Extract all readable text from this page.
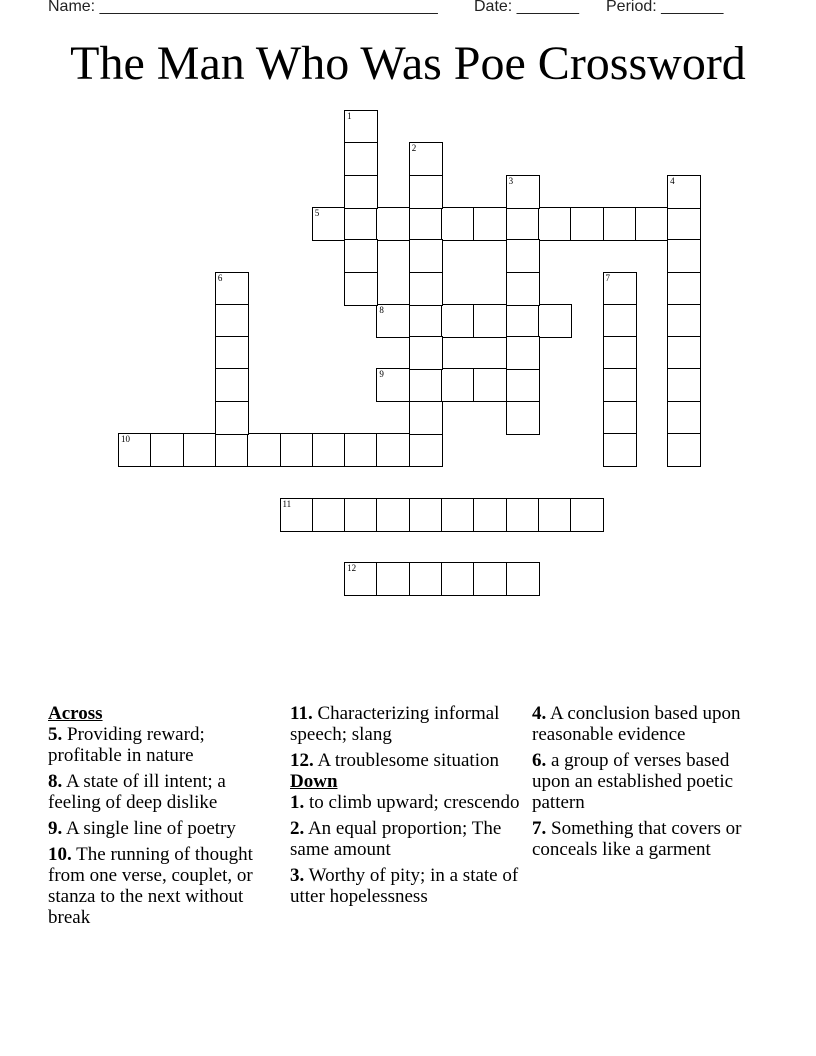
Name: ______________________________________ Date: _______ Period: _______
The Man Who Was Poe Crossword
5
8
9
10
11
12
1
2
3	4
6	7
Across
5. Providing reward; profitable in nature
8. A state of ill intent; a feeling of deep dislike
9. A single line of poetry
10. The running of thought from one verse, couplet, or stanza to the next without break
11. Characterizing informal speech; slang
12. A troublesome situation
Down
1. to climb upward; crescendo
2. An equal proportion; The same amount
3. Worthy of pity; in a state of utter hopelessness
4. A conclusion based upon reasonable evidence
6. a group of verses based upon an established poetic pattern
7. Something that covers or conceals like a garment
